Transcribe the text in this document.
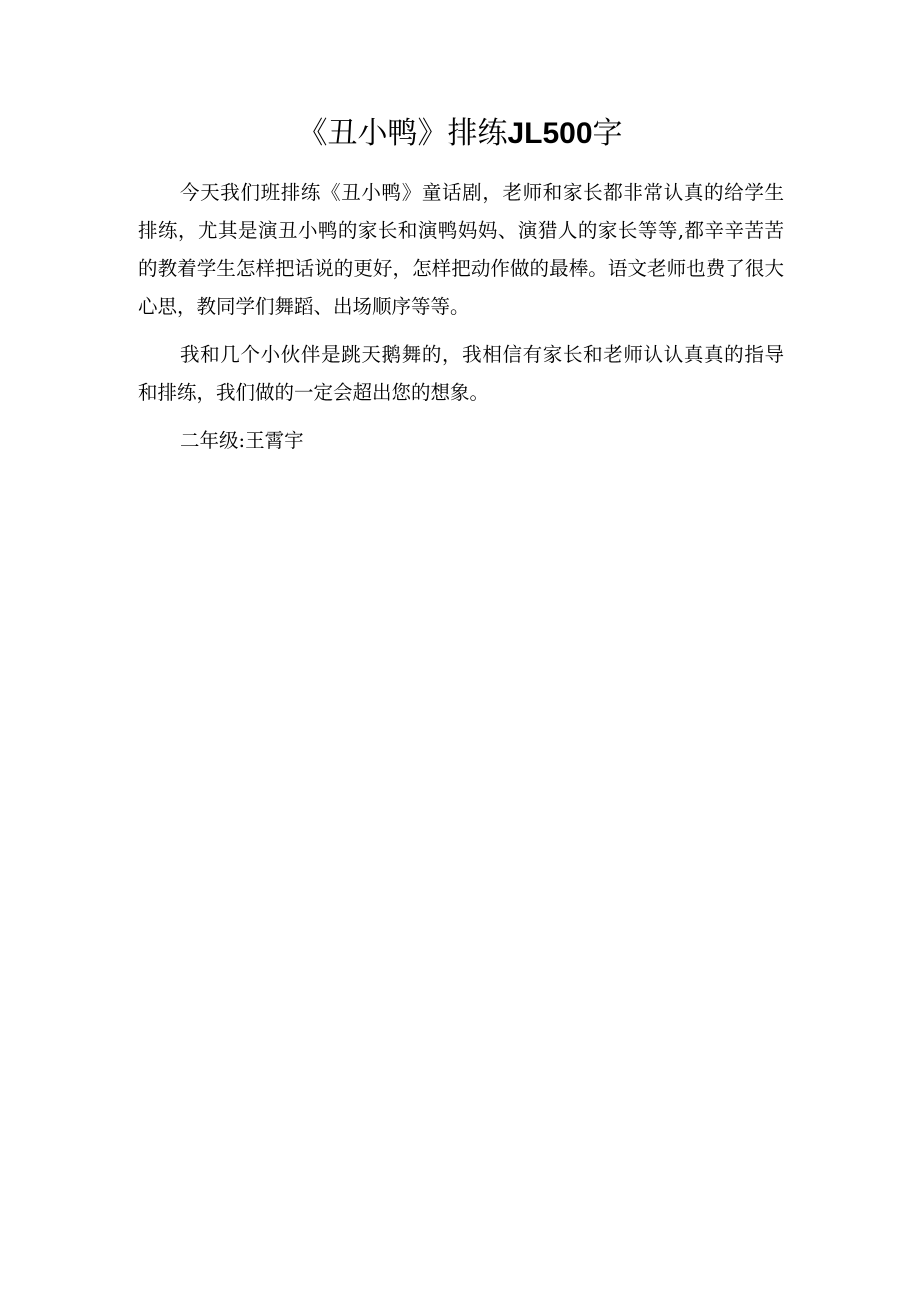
《丑小鸭》排练JL500字

今天我们班排练《丑小鸭》童话剧，老师和家长都非常认真的给学生排练，尤其是演丑小鸭的家长和演鸭妈妈、演猎人的家长等等,都辛辛苦苦的教着学生怎样把话说的更好，怎样把动作做的最棒。语文老师也费了很大心思，教同学们舞蹈、出场顺序等等。

我和几个小伙伴是跳天鹅舞的，我相信有家长和老师认认真真的指导和排练，我们做的一定会超出您的想象。

二年级:王霄宇
